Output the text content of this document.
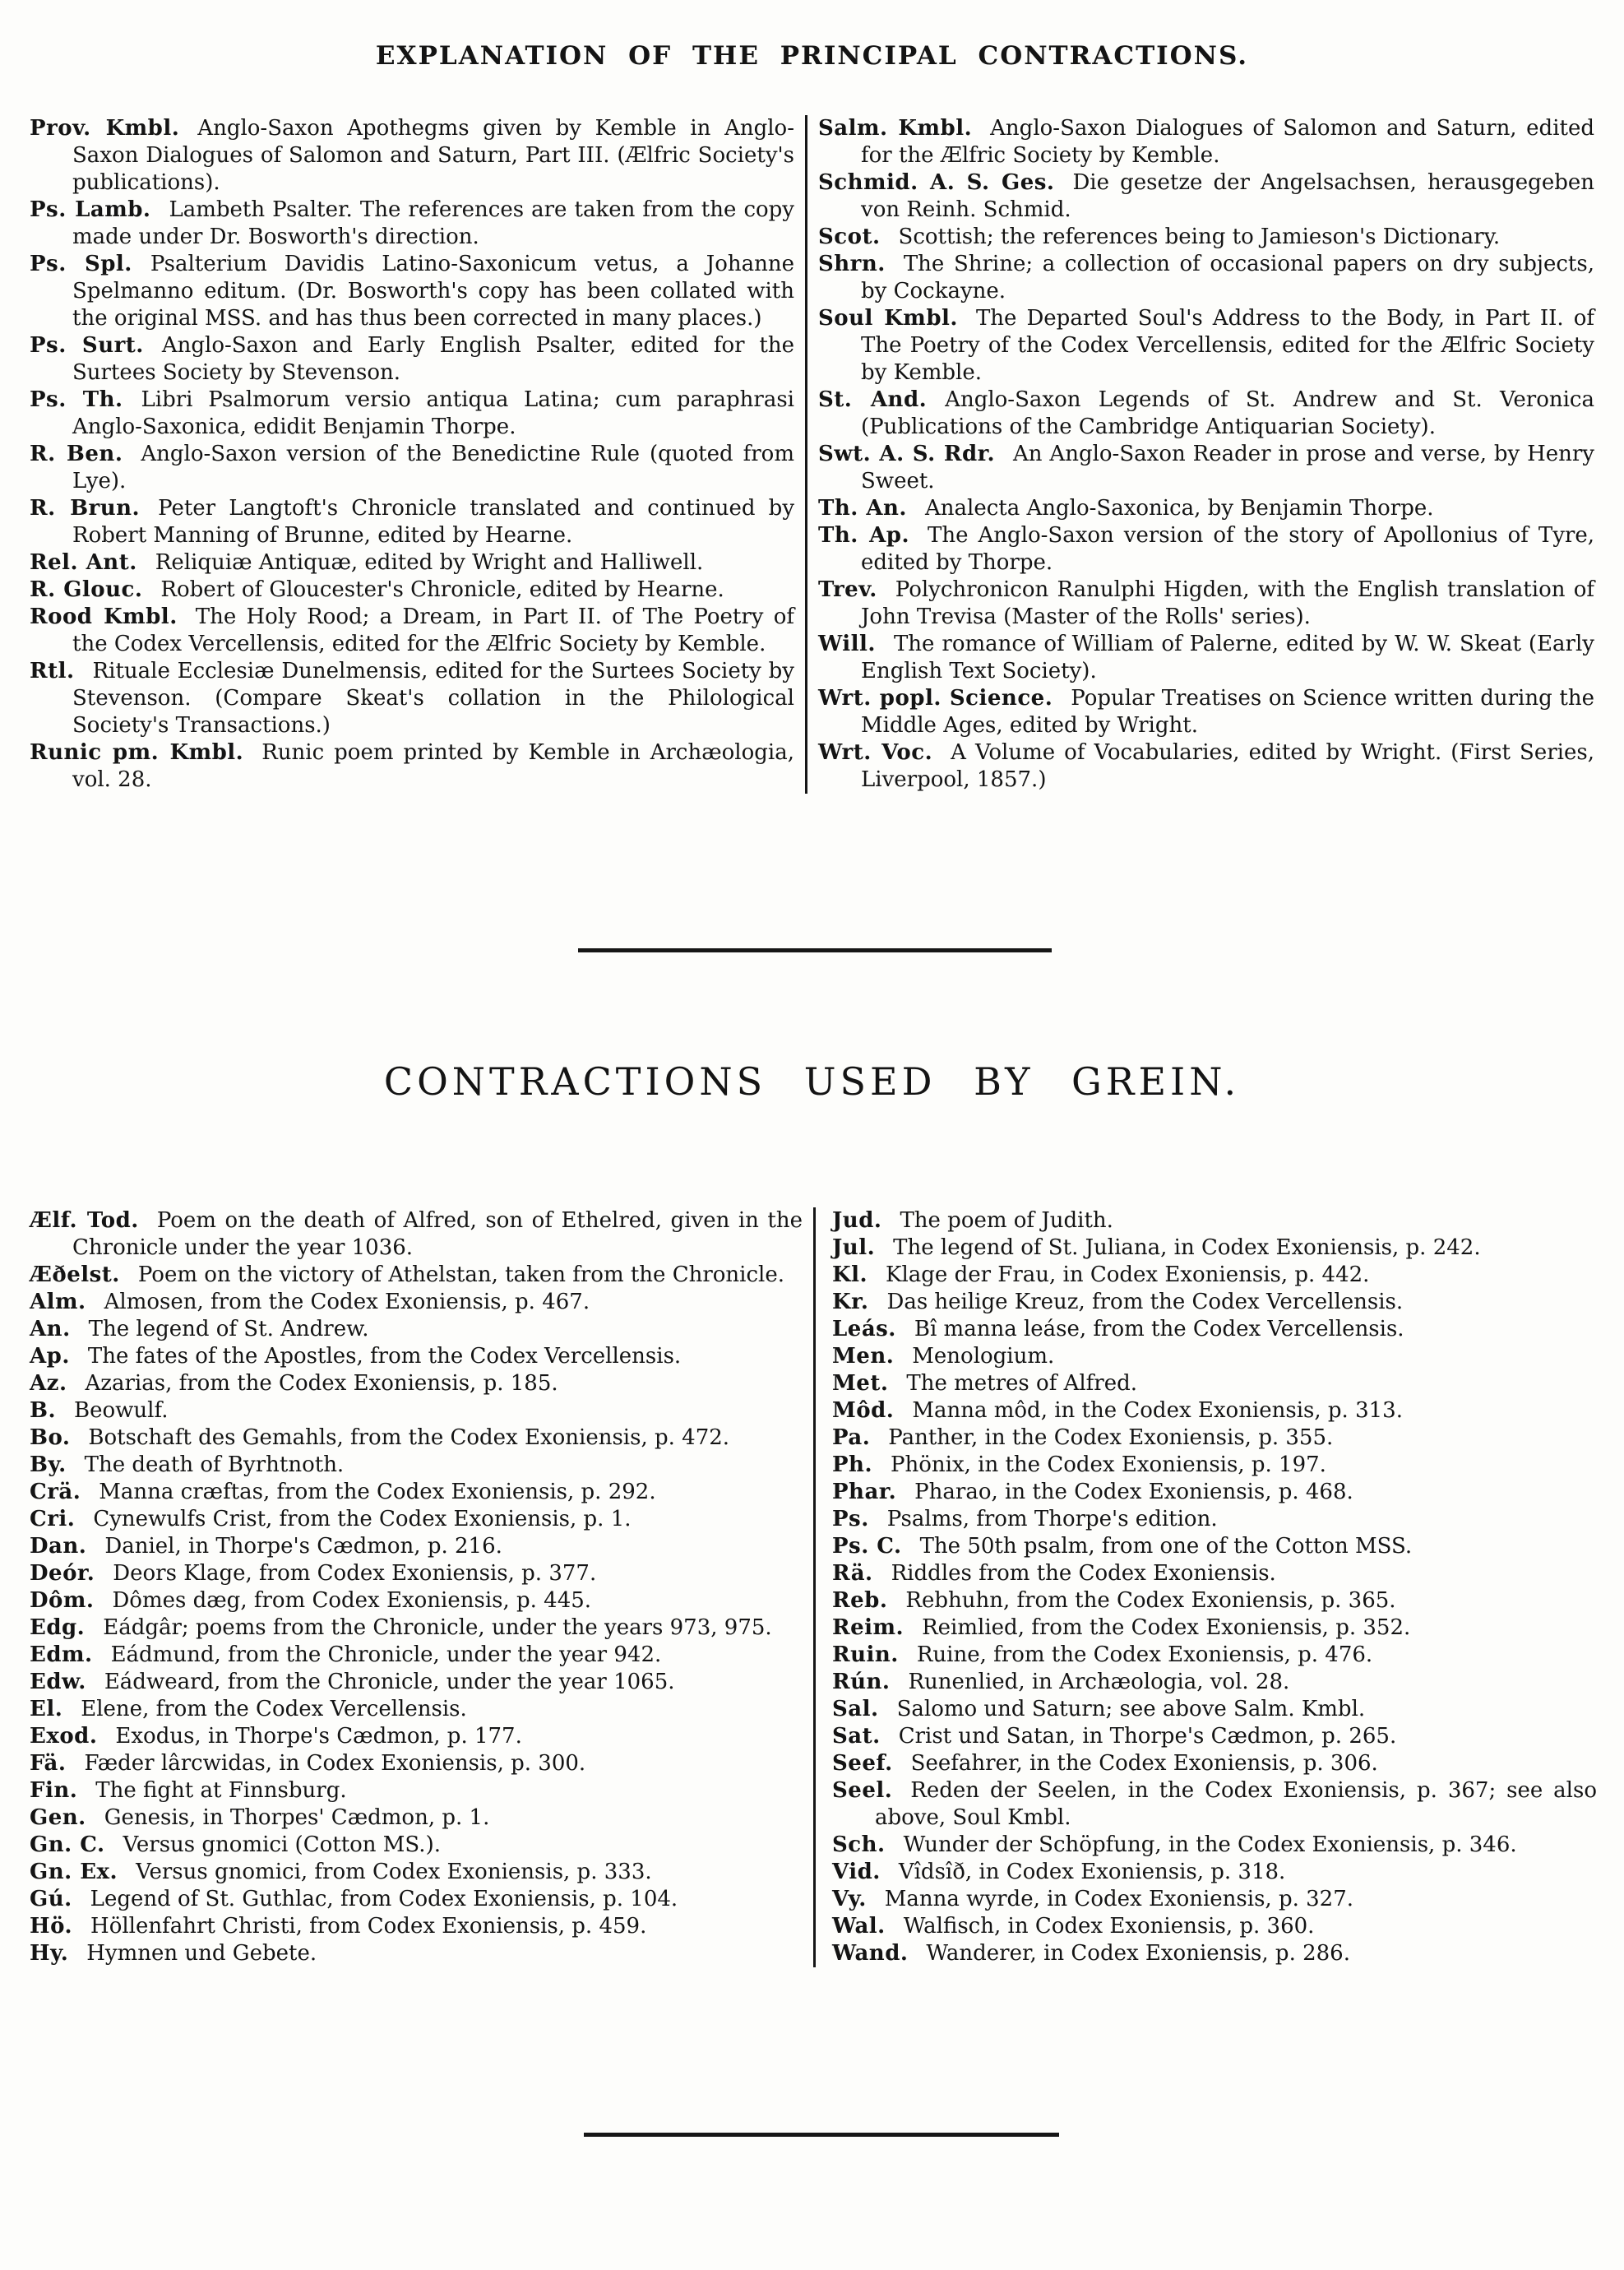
EXPLANATION OF THE PRINCIPAL CONTRACTIONS.

Prov. Kmbl. Anglo-Saxon Apothegms given by Kemble in Anglo-Saxon Dialogues of Salomon and Saturn, Part III. (Ælfric Society's publications).

Ps. Lamb. Lambeth Psalter. The references are taken from the copy made under Dr. Bosworth's direction.

Ps. Spl. Psalterium Davidis Latino-Saxonicum vetus, a Johanne Spelmanno editum. (Dr. Bosworth's copy has been collated with the original MSS. and has thus been corrected in many places.)

Ps. Surt. Anglo-Saxon and Early English Psalter, edited for the Surtees Society by Stevenson.

Ps. Th. Libri Psalmorum versio antiqua Latina; cum paraphrasi Anglo-Saxonica, edidit Benjamin Thorpe.

R. Ben. Anglo-Saxon version of the Benedictine Rule (quoted from Lye).

R. Brun. Peter Langtoft's Chronicle translated and continued by Robert Manning of Brunne, edited by Hearne.

Rel. Ant. Reliquiæ Antiquæ, edited by Wright and Halliwell.

R. Glouc. Robert of Gloucester's Chronicle, edited by Hearne.

Rood Kmbl. The Holy Rood; a Dream, in Part II. of The Poetry of the Codex Vercellensis, edited for the Ælfric Society by Kemble.

Rtl. Rituale Ecclesiæ Dunelmensis, edited for the Surtees Society by Stevenson. (Compare Skeat's collation in the Philological Society's Transactions.)

Runic pm. Kmbl. Runic poem printed by Kemble in Archæologia, vol. 28.

Salm. Kmbl. Anglo-Saxon Dialogues of Salomon and Saturn, edited for the Ælfric Society by Kemble.

Schmid. A. S. Ges. Die gesetze der Angelsachsen, herausgegeben von Reinh. Schmid.

Scot. Scottish; the references being to Jamieson's Dictionary.

Shrn. The Shrine; a collection of occasional papers on dry subjects, by Cockayne.

Soul Kmbl. The Departed Soul's Address to the Body, in Part II. of The Poetry of the Codex Vercellensis, edited for the Ælfric Society by Kemble.

St. And. Anglo-Saxon Legends of St. Andrew and St. Veronica (Publications of the Cambridge Antiquarian Society).

Swt. A. S. Rdr. An Anglo-Saxon Reader in prose and verse, by Henry Sweet.

Th. An. Analecta Anglo-Saxonica, by Benjamin Thorpe.

Th. Ap. The Anglo-Saxon version of the story of Apollonius of Tyre, edited by Thorpe.

Trev. Polychronicon Ranulphi Higden, with the English translation of John Trevisa (Master of the Rolls' series).

Will. The romance of William of Palerne, edited by W. W. Skeat (Early English Text Society).

Wrt. popl. Science. Popular Treatises on Science written during the Middle Ages, edited by Wright.

Wrt. Voc. A Volume of Vocabularies, edited by Wright. (First Series, Liverpool, 1857.)

CONTRACTIONS USED BY GREIN.

Ælf. Tod. Poem on the death of Alfred, son of Ethelred, given in the Chronicle under the year 1036.

Æðelst. Poem on the victory of Athelstan, taken from the Chronicle.

Alm. Almosen, from the Codex Exoniensis, p. 467.

An. The legend of St. Andrew.

Ap. The fates of the Apostles, from the Codex Vercellensis.

Az. Azarias, from the Codex Exoniensis, p. 185.

B. Beowulf.

Bo. Botschaft des Gemahls, from the Codex Exoniensis, p. 472.

By. The death of Byrhtnoth.

Crä. Manna cræftas, from the Codex Exoniensis, p. 292.

Cri. Cynewulfs Crist, from the Codex Exoniensis, p. 1.

Dan. Daniel, in Thorpe's Cædmon, p. 216.

Deór. Deors Klage, from Codex Exoniensis, p. 377.

Dôm. Dômes dæg, from Codex Exoniensis, p. 445.

Edg. Eádgâr; poems from the Chronicle, under the years 973, 975.

Edm. Eádmund, from the Chronicle, under the year 942.

Edw. Eádweard, from the Chronicle, under the year 1065.

El. Elene, from the Codex Vercellensis.

Exod. Exodus, in Thorpe's Cædmon, p. 177.

Fä. Fæder lârcwidas, in Codex Exoniensis, p. 300.

Fin. The fight at Finnsburg.

Gen. Genesis, in Thorpes' Cædmon, p. 1.

Gn. C. Versus gnomici (Cotton MS.).

Gn. Ex. Versus gnomici, from Codex Exoniensis, p. 333.

Gú. Legend of St. Guthlac, from Codex Exoniensis, p. 104.

Hö. Höllenfahrt Christi, from Codex Exoniensis, p. 459.

Hy. Hymnen und Gebete.

Jud. The poem of Judith.

Jul. The legend of St. Juliana, in Codex Exoniensis, p. 242.

Kl. Klage der Frau, in Codex Exoniensis, p. 442.

Kr. Das heilige Kreuz, from the Codex Vercellensis.

Leás. Bî manna leáse, from the Codex Vercellensis.

Men. Menologium.

Met. The metres of Alfred.

Môd. Manna môd, in the Codex Exoniensis, p. 313.

Pa. Panther, in the Codex Exoniensis, p. 355.

Ph. Phönix, in the Codex Exoniensis, p. 197.

Phar. Pharao, in the Codex Exoniensis, p. 468.

Ps. Psalms, from Thorpe's edition.

Ps. C. The 50th psalm, from one of the Cotton MSS.

Rä. Riddles from the Codex Exoniensis.

Reb. Rebhuhn, from the Codex Exoniensis, p. 365.

Reim. Reimlied, from the Codex Exoniensis, p. 352.

Ruin. Ruine, from the Codex Exoniensis, p. 476.

Rún. Runenlied, in Archæologia, vol. 28.

Sal. Salomo und Saturn; see above Salm. Kmbl.

Sat. Crist und Satan, in Thorpe's Cædmon, p. 265.

Seef. Seefahrer, in the Codex Exoniensis, p. 306.

Seel. Reden der Seelen, in the Codex Exoniensis, p. 367; see also above, Soul Kmbl.

Sch. Wunder der Schöpfung, in the Codex Exoniensis, p. 346.

Vid. Vîdsîð, in Codex Exoniensis, p. 318.

Vy. Manna wyrde, in Codex Exoniensis, p. 327.

Wal. Walfisch, in Codex Exoniensis, p. 360.

Wand. Wanderer, in Codex Exoniensis, p. 286.
